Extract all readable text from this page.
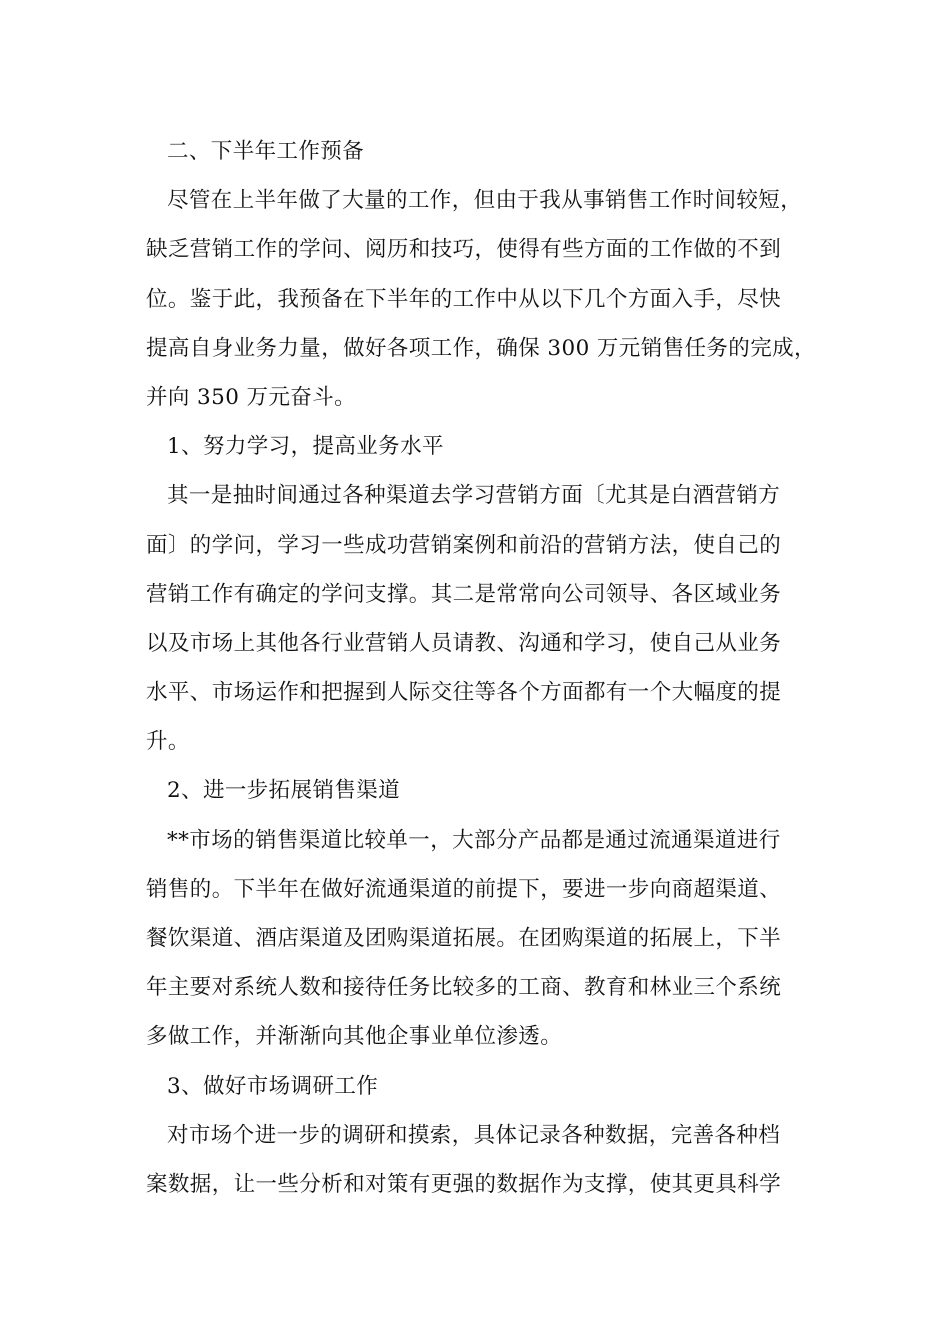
二、下半年工作预备
尽管在上半年做了大量的工作，但由于我从事销售工作时间较短，
缺乏营销工作的学问、阅历和技巧，使得有些方面的工作做的不到
位。鉴于此，我预备在下半年的工作中从以下几个方面入手，尽快
提高自身业务力量，做好各项工作，确保 300 万元销售任务的完成，
并向 350 万元奋斗。
1、努力学习，提高业务水平
其一是抽时间通过各种渠道去学习营销方面〔尤其是白酒营销方
面〕的学问，学习一些成功营销案例和前沿的营销方法，使自己的
营销工作有确定的学问支撑。其二是常常向公司领导、各区域业务
以及市场上其他各行业营销人员请教、沟通和学习，使自己从业务
水平、市场运作和把握到人际交往等各个方面都有一个大幅度的提
升。
2、进一步拓展销售渠道
**市场的销售渠道比较单一，大部分产品都是通过流通渠道进行
销售的。下半年在做好流通渠道的前提下，要进一步向商超渠道、
餐饮渠道、酒店渠道及团购渠道拓展。在团购渠道的拓展上，下半
年主要对系统人数和接待任务比较多的工商、教育和林业三个系统
多做工作，并渐渐向其他企事业单位渗透。
3、做好市场调研工作
对市场个进一步的调研和摸索，具体记录各种数据，完善各种档
案数据，让一些分析和对策有更强的数据作为支撑，使其更具科学
